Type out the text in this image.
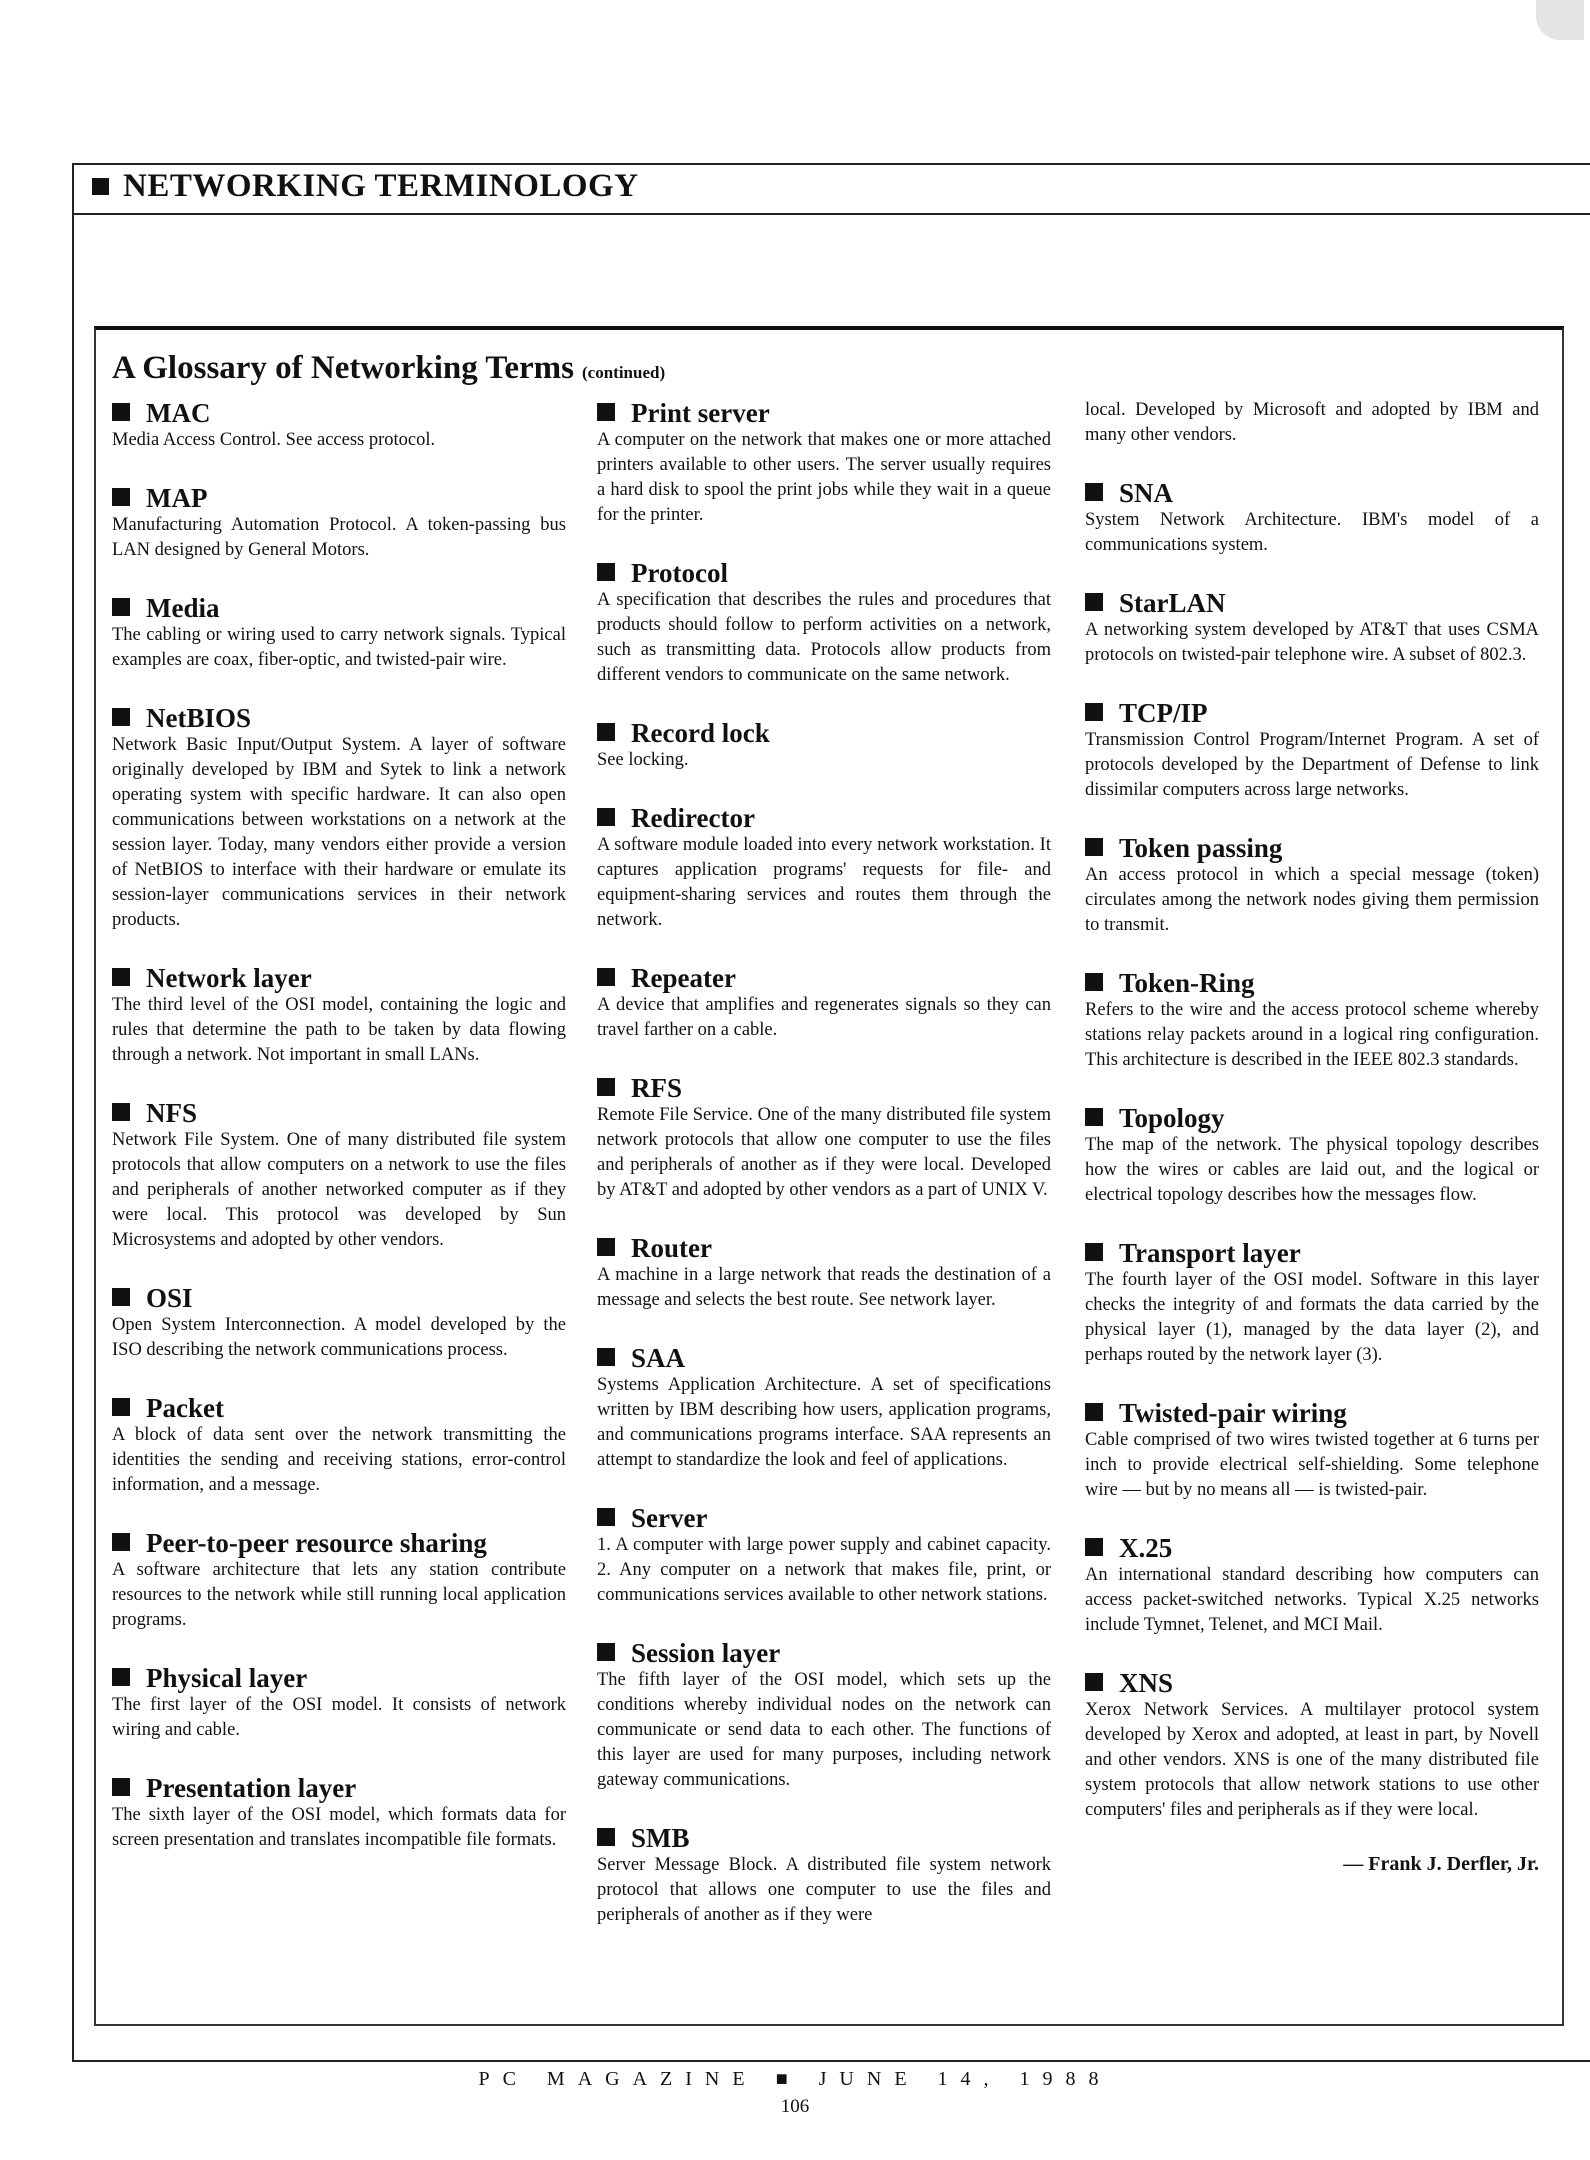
NETWORKING TERMINOLOGY
A Glossary of Networking Terms (continued)
MAC
Media Access Control. See access protocol.
MAP
Manufacturing Automation Protocol. A token-passing bus LAN designed by General Motors.
Media
The cabling or wiring used to carry network signals. Typical examples are coax, fiber-optic, and twisted-pair wire.
NetBIOS
Network Basic Input/Output System. A layer of software originally developed by IBM and Sytek to link a network operating system with specific hardware. It can also open communications between workstations on a network at the session layer. Today, many vendors either provide a version of NetBIOS to interface with their hardware or emulate its session-layer communications services in their network products.
Network layer
The third level of the OSI model, containing the logic and rules that determine the path to be taken by data flowing through a network. Not important in small LANs.
NFS
Network File System. One of many distributed file system protocols that allow computers on a network to use the files and peripherals of another networked computer as if they were local. This protocol was developed by Sun Microsystems and adopted by other vendors.
OSI
Open System Interconnection. A model developed by the ISO describing the network communications process.
Packet
A block of data sent over the network transmitting the identities the sending and receiving stations, error-control information, and a message.
Peer-to-peer resource sharing
A software architecture that lets any station contribute resources to the network while still running local application programs.
Physical layer
The first layer of the OSI model. It consists of network wiring and cable.
Presentation layer
The sixth layer of the OSI model, which formats data for screen presentation and translates incompatible file formats.
Print server
A computer on the network that makes one or more attached printers available to other users. The server usually requires a hard disk to spool the print jobs while they wait in a queue for the printer.
Protocol
A specification that describes the rules and procedures that products should follow to perform activities on a network, such as transmitting data. Protocols allow products from different vendors to communicate on the same network.
Record lock
See locking.
Redirector
A software module loaded into every network workstation. It captures application programs' requests for file- and equipment-sharing services and routes them through the network.
Repeater
A device that amplifies and regenerates signals so they can travel farther on a cable.
RFS
Remote File Service. One of the many distributed file system network protocols that allow one computer to use the files and peripherals of another as if they were local. Developed by AT&T and adopted by other vendors as a part of UNIX V.
Router
A machine in a large network that reads the destination of a message and selects the best route. See network layer.
SAA
Systems Application Architecture. A set of specifications written by IBM describing how users, application programs, and communications programs interface. SAA represents an attempt to standardize the look and feel of applications.
Server
1. A computer with large power supply and cabinet capacity. 2. Any computer on a network that makes file, print, or communications services available to other network stations.
Session layer
The fifth layer of the OSI model, which sets up the conditions whereby individual nodes on the network can communicate or send data to each other. The functions of this layer are used for many purposes, including network gateway communications.
SMB
Server Message Block. A distributed file system network protocol that allows one computer to use the files and peripherals of another as if they were
local. Developed by Microsoft and adopted by IBM and many other vendors.
SNA
System Network Architecture. IBM's model of a communications system.
StarLAN
A networking system developed by AT&T that uses CSMA protocols on twisted-pair telephone wire. A subset of 802.3.
TCP/IP
Transmission Control Program/Internet Program. A set of protocols developed by the Department of Defense to link dissimilar computers across large networks.
Token passing
An access protocol in which a special message (token) circulates among the network nodes giving them permission to transmit.
Token-Ring
Refers to the wire and the access protocol scheme whereby stations relay packets around in a logical ring configuration. This architecture is described in the IEEE 802.3 standards.
Topology
The map of the network. The physical topology describes how the wires or cables are laid out, and the logical or electrical topology describes how the messages flow.
Transport layer
The fourth layer of the OSI model. Software in this layer checks the integrity of and formats the data carried by the physical layer (1), managed by the data layer (2), and perhaps routed by the network layer (3).
Twisted-pair wiring
Cable comprised of two wires twisted together at 6 turns per inch to provide electrical self-shielding. Some telephone wire — but by no means all — is twisted-pair.
X.25
An international standard describing how computers can access packet-switched networks. Typical X.25 networks include Tymnet, Telenet, and MCI Mail.
XNS
Xerox Network Services. A multilayer protocol system developed by Xerox and adopted, at least in part, by Novell and other vendors. XNS is one of the many distributed file system protocols that allow network stations to use other computers' files and peripherals as if they were local.
— Frank J. Derfler, Jr.
PC MAGAZINE ■ JUNE 14, 1988
106
